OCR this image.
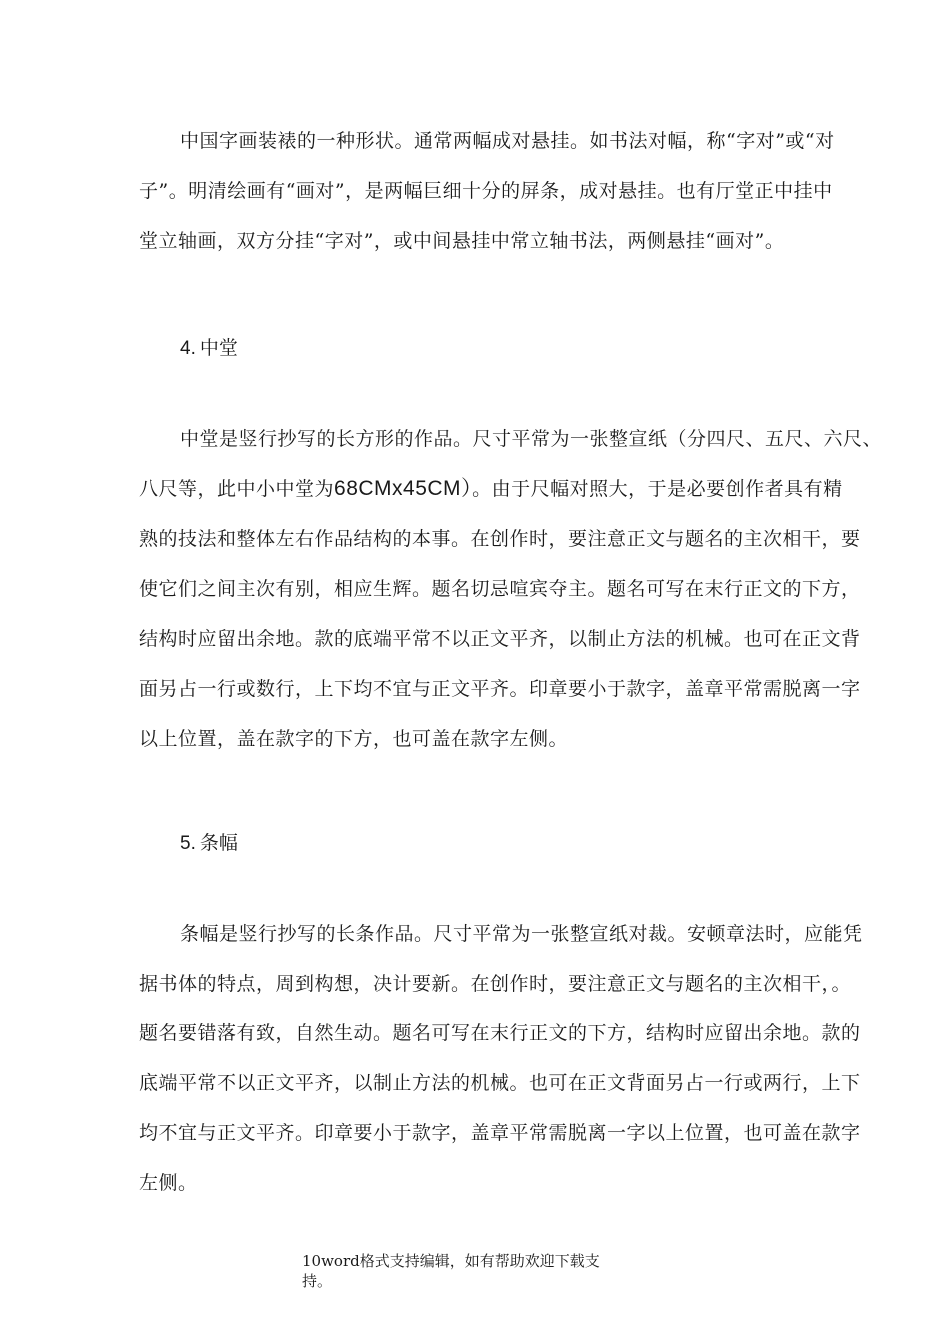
中国字画装裱的一种形状。通常两幅成对悬挂。如书法对幅，称“字对”或“对
子”。明清绘画有“画对”，是两幅巨细十分的屏条，成对悬挂。也有厅堂正中挂中
堂立轴画，双方分挂“字对”，或中间悬挂中常立轴书法，两侧悬挂“画对”。
4. 中堂
中堂是竖行抄写的长方形的作品。尺寸平常为一张整宣纸（分四尺、五尺、六尺、
八尺等，此中小中堂为68CMx45CM）。由于尺幅对照大，于是必要创作者具有精
熟的技法和整体左右作品结构的本事。在创作时，要注意正文与题名的主次相干，要
使它们之间主次有别，相应生辉。题名切忌喧宾夺主。题名可写在末行正文的下方，
结构时应留出余地。款的底端平常不以正文平齐，以制止方法的机械。也可在正文背
面另占一行或数行，上下均不宜与正文平齐。印章要小于款字，盖章平常需脱离一字
以上位置，盖在款字的下方，也可盖在款字左侧。
5. 条幅
条幅是竖行抄写的长条作品。尺寸平常为一张整宣纸对裁。安顿章法时，应能凭
据书体的特点，周到构想，决计要新。在创作时，要注意正文与题名的主次相干，。
题名要错落有致，自然生动。题名可写在末行正文的下方，结构时应留出余地。款的
底端平常不以正文平齐，以制止方法的机械。也可在正文背面另占一行或两行，上下
均不宜与正文平齐。印章要小于款字，盖章平常需脱离一字以上位置，也可盖在款字
左侧。
10word格式支持编辑，如有帮助欢迎下载支
持。
